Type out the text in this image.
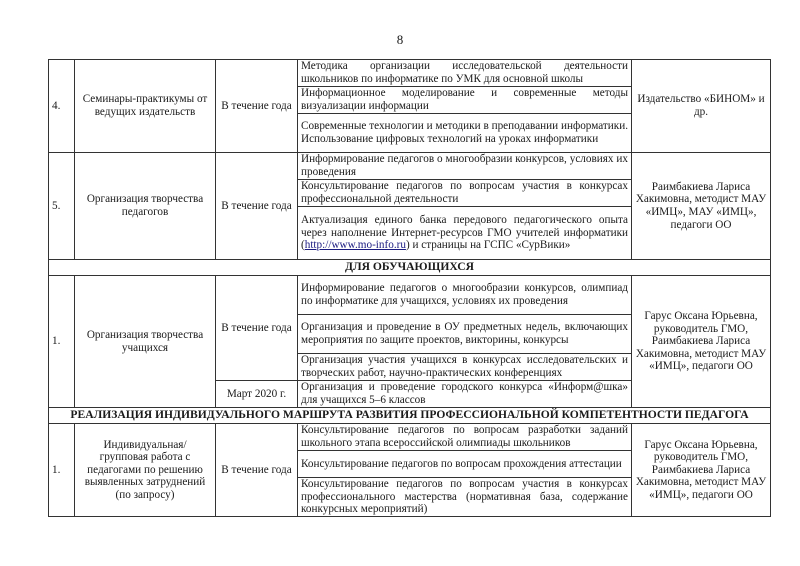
8
4.	Семинары-практикумы от ведущих издательств	В течение года	Методика организации исследовательской деятельности школьников по информатике по УМК для основной школы	Издательство «БИНОМ» и др.
			Информационное моделирование и современные методы визуализации информации	
			Современные технологии и методики в преподавании информатики. Использование цифровых технологий на уроках информатики	
5.	Организация творчества педагогов	В течение года	Информирование педагогов о многообразии конкурсов, условиях их проведения	Раимбакиева Лариса Хакимовна, методист МАУ «ИМЦ», МАУ «ИМЦ», педагоги ОО
			Консультирование педагогов по вопросам участия в конкурсах профессиональной деятельности	
			Актуализация единого банка передового педагогического опыта через наполнение Интернет-ресурсов ГМО учителей информатики (http://www.mo-info.ru) и страницы на ГСПС «СурВики»	
ДЛЯ ОБУЧАЮЩИХСЯ				
1.	Организация творчества учащихся	В течение года	Информирование педагогов о многообразии конкурсов, олимпиад по информатике для учащихся, условиях их проведения	Гарус Оксана Юрьевна, руководитель ГМО, Раимбакиева Лариса Хакимовна, методист МАУ «ИМЦ», педагоги ОО
			Организация и проведение в ОУ предметных недель, включающих мероприятия по защите проектов, викторины, конкурсы	
			Организация участия учащихся в конкурсах исследовательских и творческих работ, научно-практических конференциях	
		Март 2020 г.	Организация и проведение городского конкурса «Информ@шка» для учащихся 5–6 классов	
РЕАЛИЗАЦИЯ ИНДИВИДУАЛЬНОГО МАРШРУТА РАЗВИТИЯ ПРОФЕССИОНАЛЬНОЙ КОМПЕТЕНТНОСТИ ПЕДАГОГА				
1.	Индивидуальная/ групповая работа с педагогами по решению выявленных затруднений (по запросу)	В течение года	Консультирование педагогов по вопросам разработки заданий школьного этапа всероссийской олимпиады школьников	Гарус Оксана Юрьевна, руководитель ГМО, Раимбакиева Лариса Хакимовна, методист МАУ «ИМЦ», педагоги ОО
			Консультирование педагогов по вопросам прохождения аттестации	
			Консультирование педагогов по вопросам участия в конкурсах профессионального мастерства (нормативная база, содержание конкурсных мероприятий)	
